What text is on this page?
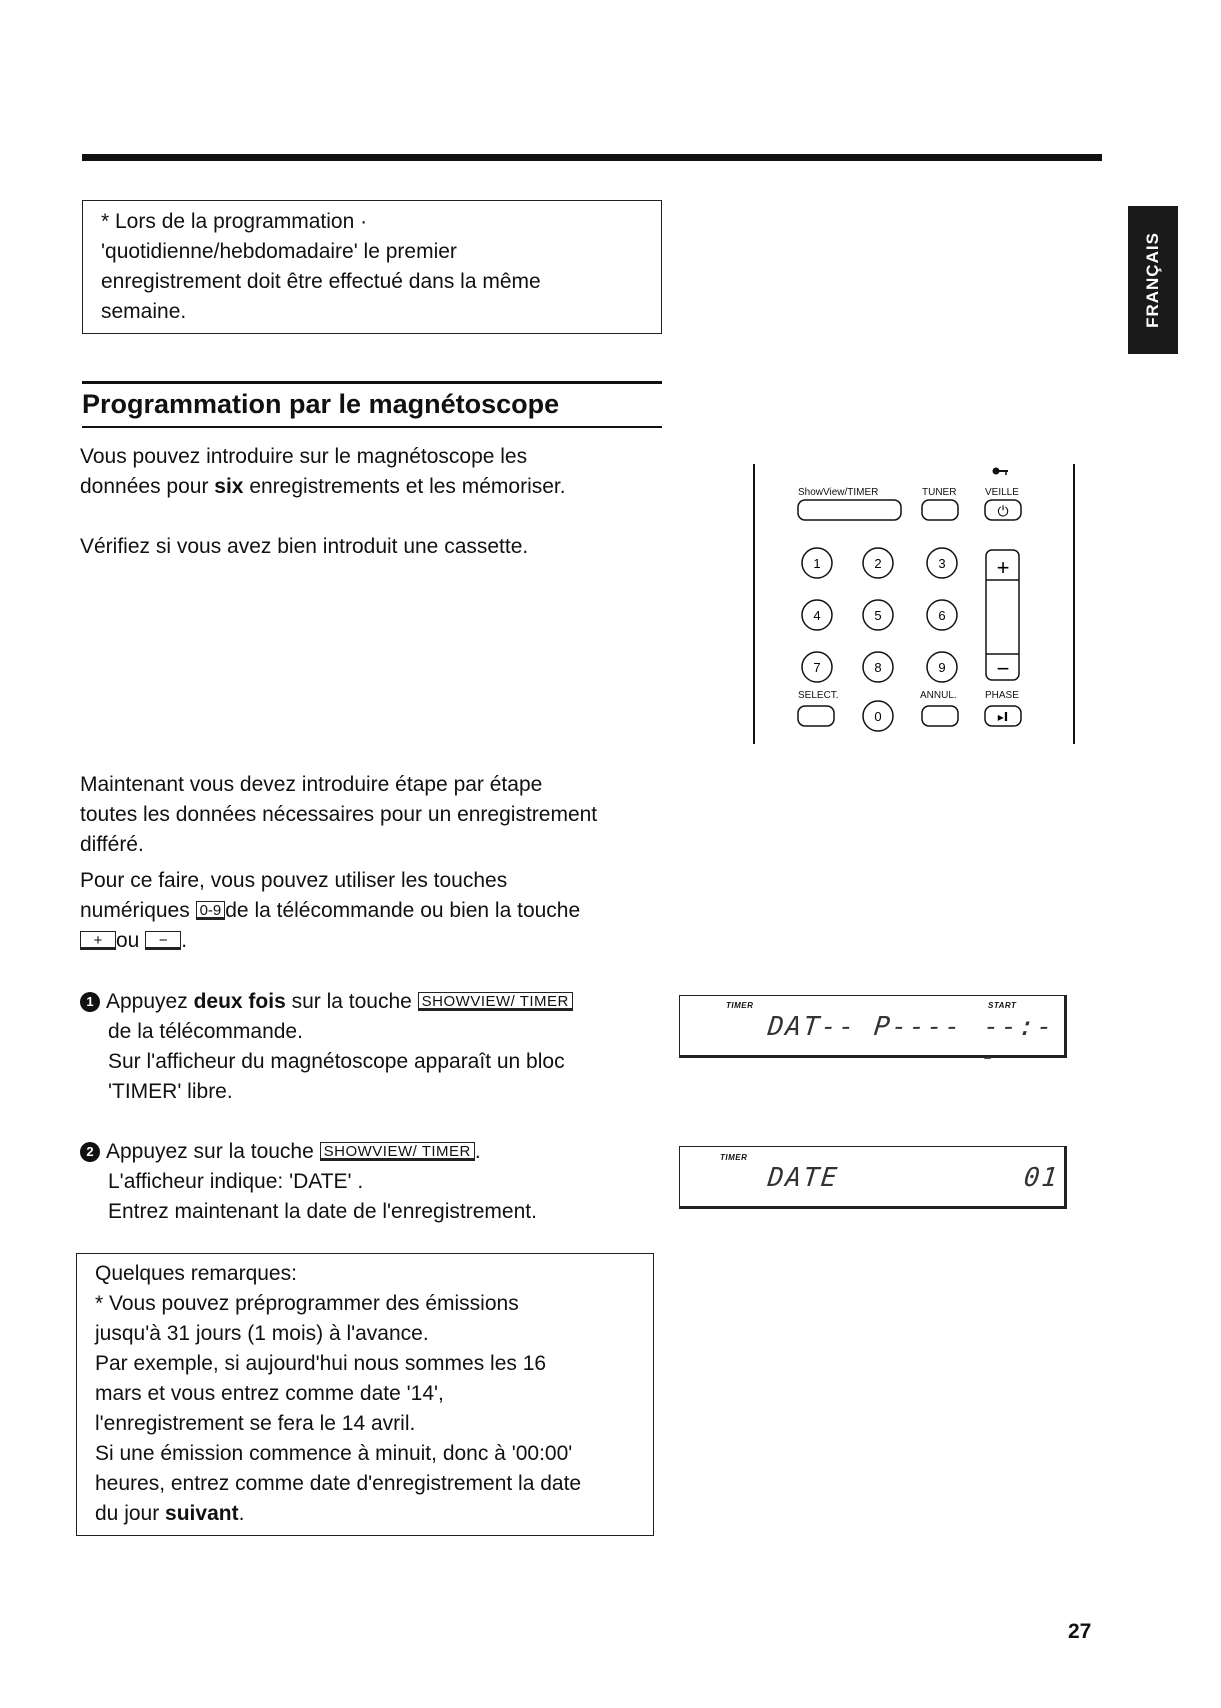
FRANÇAIS
* Lors de la programmation ·
'quotidienne/hebdomadaire' le premier
enregistrement doit être effectué dans la même
semaine.
Programmation par le magnétoscope
Vous pouvez introduire sur le magnétoscope les
données pour six enregistrements et les mémoriser.
Vérifiez si vous avez bien introduit une cassette.
ShowView/TIMER	TUNER	VEILLE
⏻
1	2	3
4	5	6
7	8	9
0
+
−
SELECT.	ANNUL.	PHASE
▸I
Maintenant vous devez introduire étape par étape
toutes les données nécessaires pour un enregistrement
différé.
Pour ce faire, vous pouvez utiliser les touches
numériques 0-9 de la télécommande ou bien la touche
+ ou − .
1 Appuyez deux fois sur la touche SHOWVIEW/ TIMER
de la télécommande.
Sur l'afficheur du magnétoscope apparaît un bloc
'TIMER' libre.
TIMER	START
DAT-- P---- --:--
2 Appuyez sur la touche SHOWVIEW/ TIMER .
L'afficheur indique: 'DATE' .
Entrez maintenant la date de l'enregistrement.
TIMER
DATE	01
Quelques remarques:
* Vous pouvez préprogrammer des émissions
jusqu'à 31 jours (1 mois) à l'avance.
Par exemple, si aujourd'hui nous sommes les 16
mars et vous entrez comme date '14',
l'enregistrement se fera le 14 avril.
Si une émission commence à minuit, donc à '00:00'
heures, entrez comme date d'enregistrement la date
du jour suivant.
27
